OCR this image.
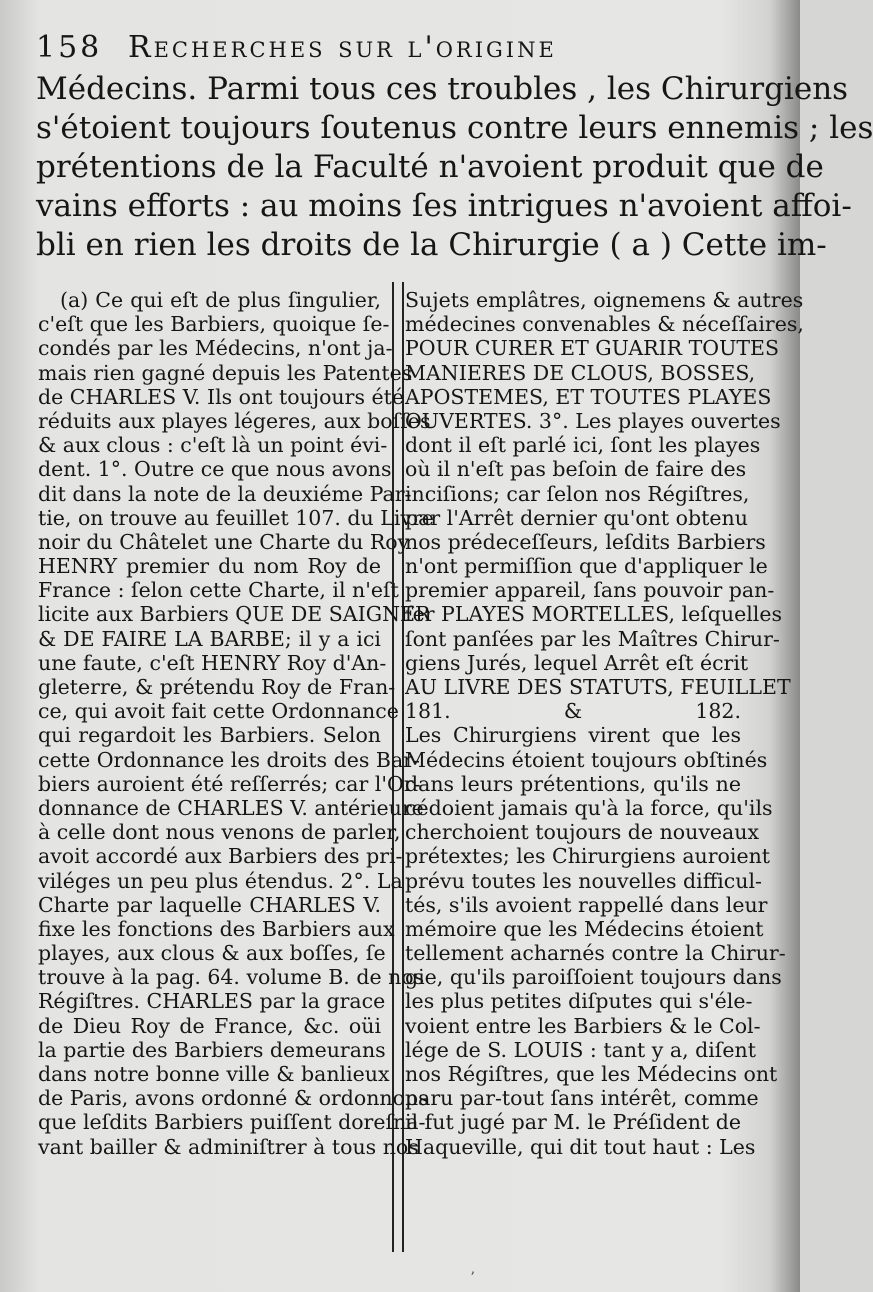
158 Recherches sur l'origine
Médecins. Parmi tous ces troubles , les Chirurgiens
s'étoient toujours ſoutenus contre leurs ennemis ; les
prétentions de la Faculté n'avoient produit que de
vains efforts : au moins ſes intrigues n'avoient affoi-
bli en rien les droits de la Chirurgie ( a ) Cette im-
(a) Ce qui eſt de plus ſingulier,
c'eſt que les Barbiers, quoique ſe-
condés par les Médecins, n'ont ja-
mais rien gagné depuis les Patentes
de CHARLES V. Ils ont toujours été
réduits aux playes légeres, aux boſſes
& aux clous : c'eſt là un point évi-
dent. 1°. Outre ce que nous avons
dit dans la note de la deuxiéme Par-
tie, on trouve au feuillet 107. du Livre
noir du Châtelet une Charte du Roy
HENRY premier du nom Roy de
France : ſelon cette Charte, il n'eſt
licite aux Barbiers QUE DE SAIGNER
& DE FAIRE LA BARBE; il y a ici
une faute, c'eſt HENRY Roy d'An-
gleterre, & prétendu Roy de Fran-
ce, qui avoit fait cette Ordonnance
qui regardoit les Barbiers. Selon
cette Ordonnance les droits des Bar-
biers auroient été reſſerrés; car l'Or-
donnance de CHARLES V. antérieure
à celle dont nous venons de parler,
avoit accordé aux Barbiers des pri-
viléges un peu plus étendus. 2°. La
Charte par laquelle CHARLES V.
fixe les fonctions des Barbiers aux
playes, aux clous & aux boſſes, ſe
trouve à la pag. 64. volume B. de nos
Régiſtres. CHARLES par la grace
de Dieu Roy de France, &c. oüi
la partie des Barbiers demeurans
dans notre bonne ville & banlieux
de Paris, avons ordonné & ordonnons
que leſdits Barbiers puiſſent doreſna-
vant bailler & adminiſtrer à tous nos
Sujets emplâtres, oignemens & autres
médecines convenables & néceſſaires,
POUR CURER ET GUARIR TOUTES
MANIERES DE CLOUS, BOSSES,
APOSTEMES, ET TOUTES PLAYES
OUVERTES. 3°. Les playes ouvertes
dont il eſt parlé ici, ſont les playes
où il n'eſt pas beſoin de faire des
inciſions; car ſelon nos Régiſtres,
par l'Arrêt dernier qu'ont obtenu
nos prédeceſſeurs, leſdits Barbiers
n'ont permiſſion que d'appliquer le
premier appareil, ſans pouvoir pan-
ſer PLAYES MORTELLES, leſquelles
ſont panſées par les Maîtres Chirur-
giens Jurés, lequel Arrêt eſt écrit
AU LIVRE DES STATUTS, FEUILLET
181. & 182.
Les Chirurgiens virent que les
Médecins étoient toujours obſtinés
dans leurs prétentions, qu'ils ne
cédoient jamais qu'à la force, qu'ils
cherchoient toujours de nouveaux
prétextes; les Chirurgiens auroient
prévu toutes les nouvelles difficul-
tés, s'ils avoient rappellé dans leur
mémoire que les Médecins étoient
tellement acharnés contre la Chirur-
gie, qu'ils paroiſſoient toujours dans
les plus petites diſputes qui s'éle-
voient entre les Barbiers & le Col-
lége de S. LOUIS : tant y a, diſent
nos Régiſtres, que les Médecins ont
paru par-tout ſans intérêt, comme
il fut jugé par M. le Préſident de
Haqueville, qui dit tout haut : Les
ʼ
